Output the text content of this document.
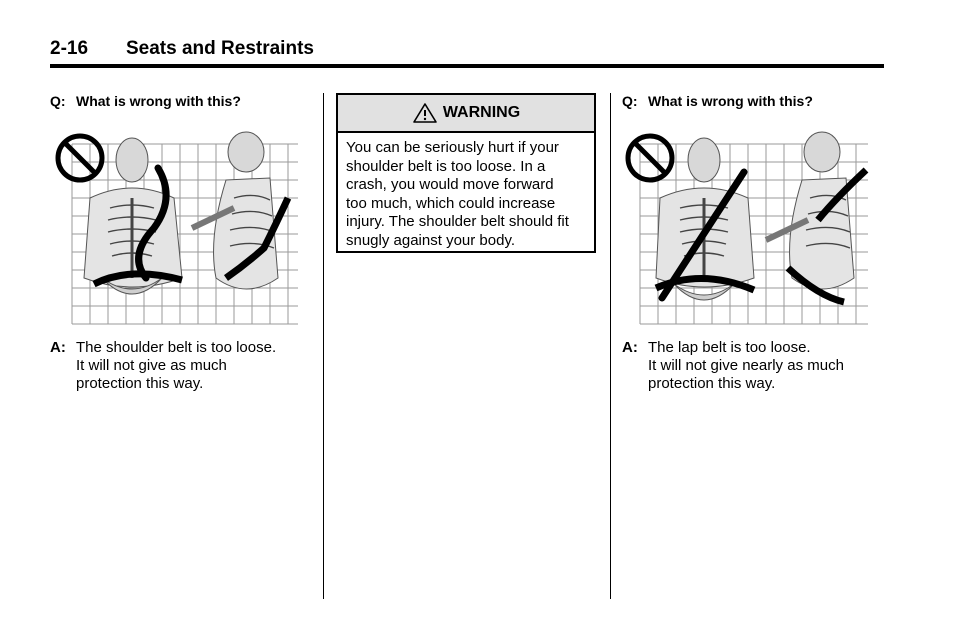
2-16 Seats and Restraints
Q: What is wrong with this?
A: The shoulder belt is too loose.
It will not give as much
protection this way.
WARNING
You can be seriously hurt if your
shoulder belt is too loose. In a
crash, you would move forward
too much, which could increase
injury. The shoulder belt should fit
snugly against your body.
Q: What is wrong with this?
A: The lap belt is too loose.
It will not give nearly as much
protection this way.
